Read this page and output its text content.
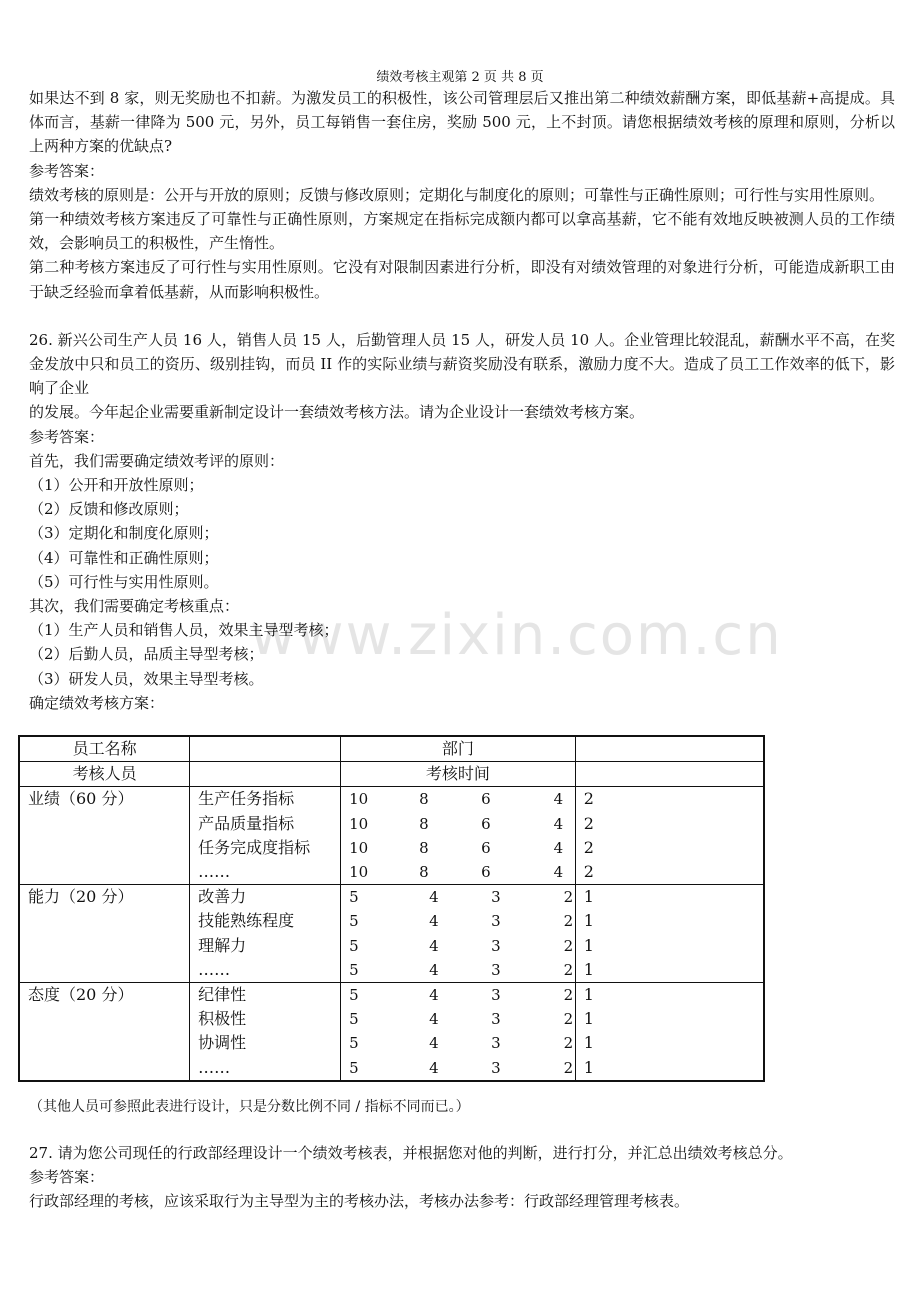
绩效考核主观第 2 页 共 8 页
www.zixin.com.cn

如果达不到 8 家，则无奖励也不扣薪。为激发员工的积极性，该公司管理层后又推出第二种绩效薪酬方案，即低基薪+高提成。具体而言，基薪一律降为 500 元，另外，员工每销售一套住房，奖励 500 元，上不封顶。请您根据绩效考核的原理和原则，分析以上两种方案的优缺点?

参考答案：

绩效考核的原则是：公开与开放的原则；反馈与修改原则；定期化与制度化的原则；可靠性与正确性原则；可行性与实用性原则。

第一种绩效考核方案违反了可靠性与正确性原则，方案规定在指标完成额内都可以拿高基薪，它不能有效地反映被测人员的工作绩效，会影响员工的积极性，产生惰性。

第二种考核方案违反了可行性与实用性原则。它没有对限制因素进行分析，即没有对绩效管理的对象进行分析，可能造成新职工由于缺乏经验而拿着低基薪，从而影响积极性。

26. 新兴公司生产人员 16 人，销售人员 15 人，后勤管理人员 15 人，研发人员 10 人。企业管理比较混乱，薪酬水平不高，在奖金发放中只和员工的资历、级别挂钩，而员 II 作的实际业绩与薪资奖励没有联系，激励力度不大。造成了员工工作效率的低下，影响了企业

的发展。今年起企业需要重新制定设计一套绩效考核方法。请为企业设计一套绩效考核方案。

参考答案：

首先，我们需要确定绩效考评的原则：

（1）公开和开放性原则；

（2）反馈和修改原则；

（3）定期化和制度化原则；

（4）可靠性和正确性原则；

（5）可行性与实用性原则。

其次，我们需要确定考核重点：

（1）生产人员和销售人员，效果主导型考核；

（2）后勤人员，品质主导型考核；

（3）研发人员，效果主导型考核。

确定绩效考核方案：

员工名称		部门	
考核人员		考核时间	
业绩（60 分）	生产任务指标	10 8 6 4	2
	产品质量指标	10 8 6 4	2
	任务完成度指标	10 8 6 4	2
	……	10 8 6 4	2
能力（20 分）	改善力	5 4 3 2	1
	技能熟练程度	5 4 3 2	1
	理解力	5 4 3 2	1
	……	5 4 3 2	1
态度（20 分）	纪律性	5 4 3 2	1
	积极性	5 4 3 2	1
	协调性	5 4 3 2	1
	……	5 4 3 2	1
（其他人员可参照此表进行设计，只是分数比例不同 / 指标不同而已。）

27. 请为您公司现任的行政部经理设计一个绩效考核表，并根据您对他的判断，进行打分，并汇总出绩效考核总分。

参考答案：

行政部经理的考核，应该采取行为主导型为主的考核办法，考核办法参考：行政部经理管理考核表。
